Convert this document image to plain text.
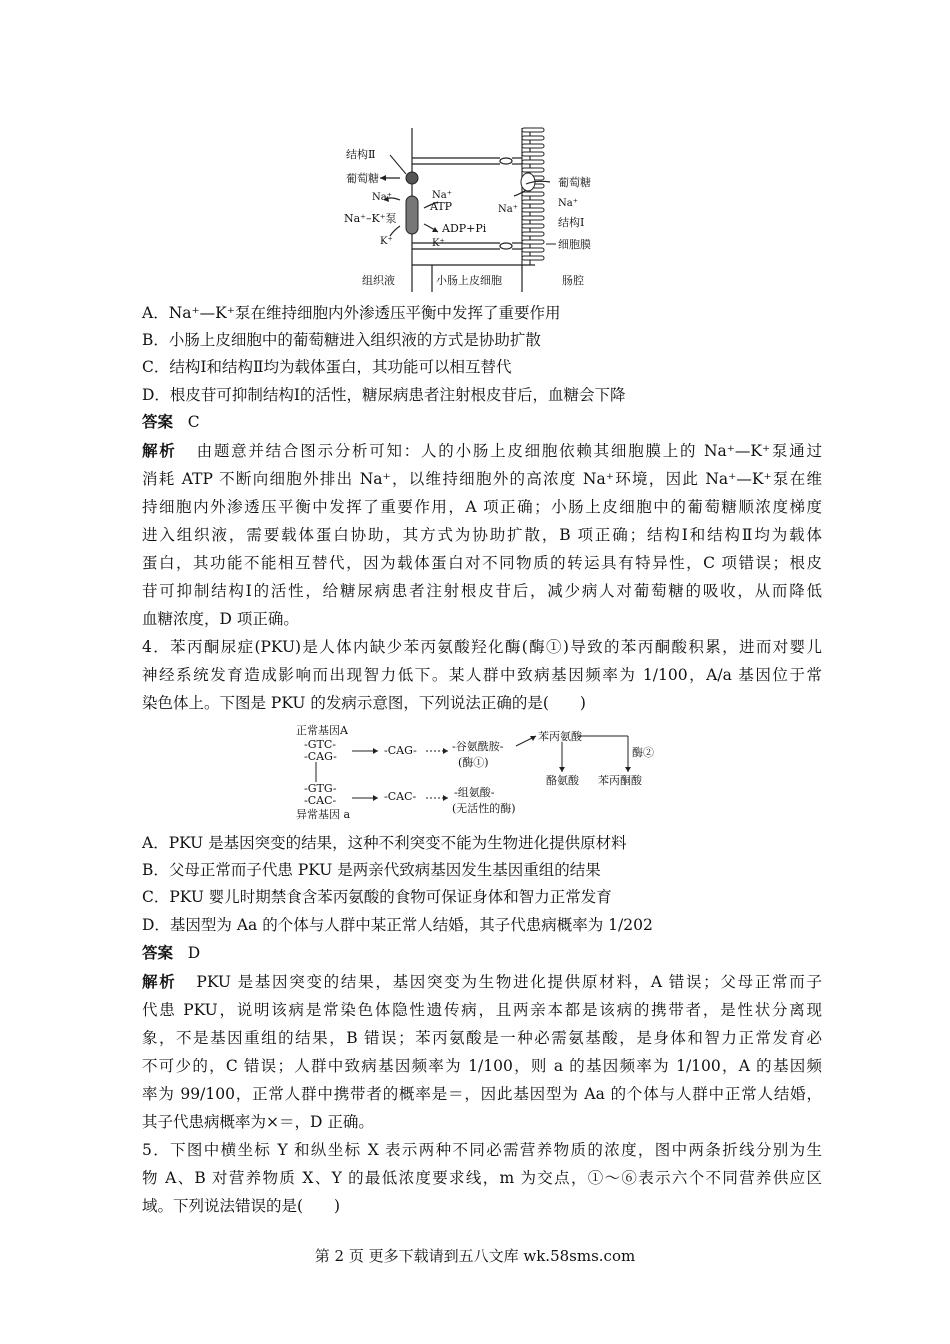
结构Ⅱ
葡萄糖
Na⁺	Na⁺
ATP
Na⁺–K⁺泵
ADP+Pi
K⁺	K⁺
葡萄糖
Na⁺
Na⁺
结构Ⅰ
细胞膜
组织液	小肠上皮细胞	肠腔
A．Na⁺—K⁺泵在维持细胞内外渗透压平衡中发挥了重要作用
B．小肠上皮细胞中的葡萄糖进入组织液的方式是协助扩散
C．结构Ⅰ和结构Ⅱ均为载体蛋白，其功能可以相互替代
D．根皮苷可抑制结构Ⅰ的活性，糖尿病患者注射根皮苷后，血糖会下降
答案 C
解析 由题意并结合图示分析可知：人的小肠上皮细胞依赖其细胞膜上的 Na⁺—K⁺泵通过
消耗 ATP 不断向细胞外排出 Na⁺，以维持细胞外的高浓度 Na⁺环境，因此 Na⁺—K⁺泵在维
持细胞内外渗透压平衡中发挥了重要作用，A 项正确；小肠上皮细胞中的葡萄糖顺浓度梯度
进入组织液，需要载体蛋白协助，其方式为协助扩散，B 项正确；结构Ⅰ和结构Ⅱ均为载体
蛋白，其功能不能相互替代，因为载体蛋白对不同物质的转运具有特异性，C 项错误；根皮
苷可抑制结构Ⅰ的活性，给糖尿病患者注射根皮苷后，减少病人对葡萄糖的吸收，从而降低
血糖浓度，D 项正确。
4．苯丙酮尿症(PKU)是人体内缺少苯丙氨酸羟化酶(酶①)导致的苯丙酮酸积累，进而对婴儿
神经系统发育造成影响而出现智力低下。某人群中致病基因频率为 1/100，A/a 基因位于常
染色体上。下图是 PKU 的发病示意图，下列说法正确的是(　　)
正常基因A
-GTC-
-CAG-	-CAG-	-谷氨酰胺-
(酶①)
苯丙氨酸
酪氨酸
酶②
苯丙酮酸
-GTG-
-CAC-
异常基因 a
-CAC-	-组氨酸-
(无活性的酶)
A．PKU 是基因突变的结果，这种不利突变不能为生物进化提供原材料
B．父母正常而子代患 PKU 是两亲代致病基因发生基因重组的结果
C．PKU 婴儿时期禁食含苯丙氨酸的食物可保证身体和智力正常发育
D．基因型为 Aa 的个体与人群中某正常人结婚，其子代患病概率为 1/202
答案 D
解析 PKU 是基因突变的结果，基因突变为生物进化提供原材料，A 错误；父母正常而子
代患 PKU，说明该病是常染色体隐性遗传病，且两亲本都是该病的携带者，是性状分离现
象，不是基因重组的结果，B 错误；苯丙氨酸是一种必需氨基酸，是身体和智力正常发育必
不可少的，C 错误；人群中致病基因频率为 1/100，则 a 的基因频率为 1/100，A 的基因频
率为 99/100，正常人群中携带者的概率是＝，因此基因型为 Aa 的个体与人群中正常人结婚，
其子代患病概率为×＝，D 正确。
5．下图中横坐标 Y 和纵坐标 X 表示两种不同必需营养物质的浓度，图中两条折线分别为生
物 A、B 对营养物质 X、Y 的最低浓度要求线，m 为交点，①～⑥表示六个不同营养供应区
域。下列说法错误的是(　　)
第 2 页 更多下载请到五八文库 wk.58sms.com
